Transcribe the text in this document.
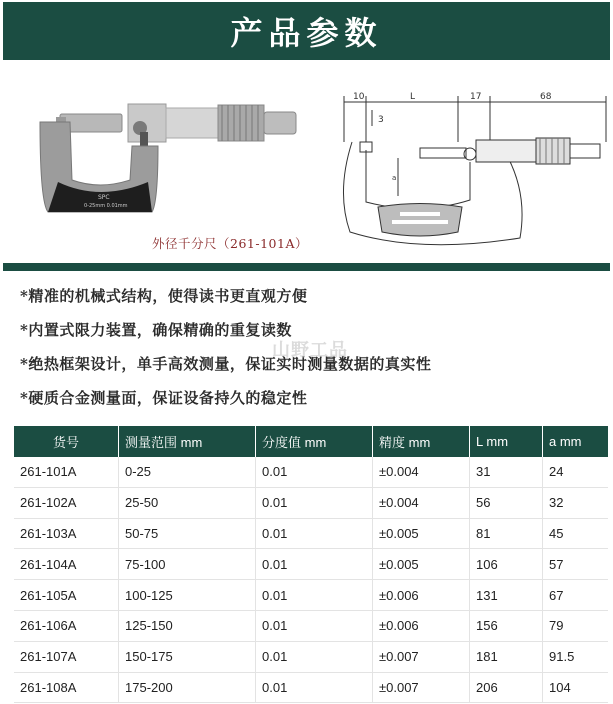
产品参数
SPC
0-25mm 0.01mm
10	L	17	68
3
a
外径千分尺（261-101A）
*精准的机械式结构，使得读书更直观方便
*内置式限力装置，确保精确的重复读数
*绝热框架设计，单手高效测量，保证实时测量数据的真实性
*硬质合金测量面，保证设备持久的稳定性
山野工品
货号	测量范围 mm	分度值 mm	精度 mm	L mm	a mm
261-101A	0-25	0.01	±0.004	31	24
261-102A	25-50	0.01	±0.004	56	32
261-103A	50-75	0.01	±0.005	81	45
261-104A	75-100	0.01	±0.005	106	57
261-105A	100-125	0.01	±0.006	131	67
261-106A	125-150	0.01	±0.006	156	79
261-107A	150-175	0.01	±0.007	181	91.5
261-108A	175-200	0.01	±0.007	206	104
